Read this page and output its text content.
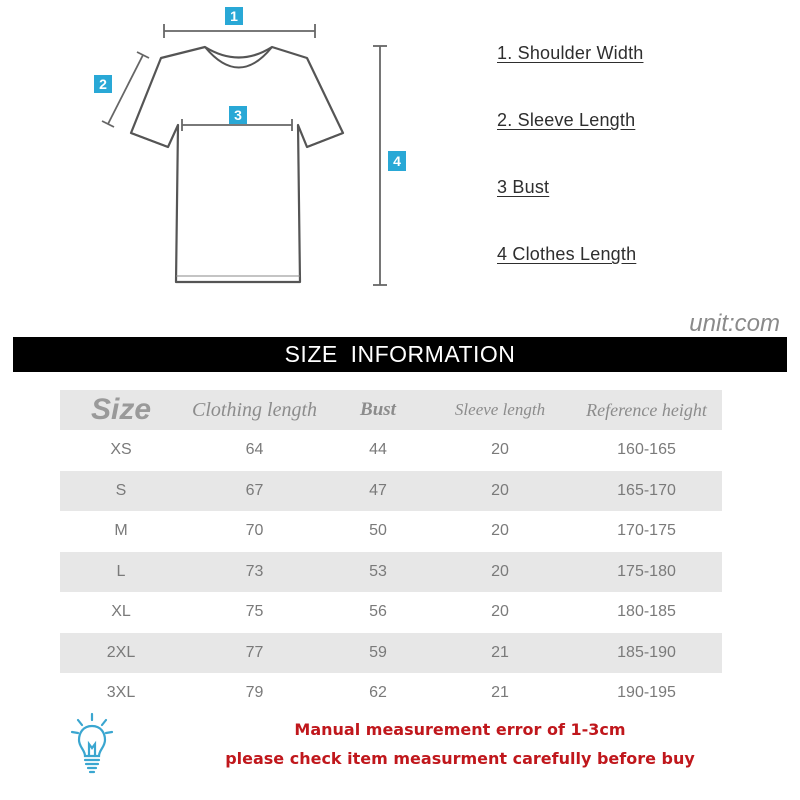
1
2
3
4
1. Shoulder Width
2. Sleeve Length
3 Bust
4 Clothes Length
unit:com
SIZE INFORMATION
Size	Clothing length	Bust	Sleeve length	Reference height
XS	64	44	20	160-165
S	67	47	20	165-170
M	70	50	20	170-175
L	73	53	20	175-180
XL	75	56	20	180-185
2XL	77	59	21	185-190
3XL	79	62	21	190-195
Manual measurement error of 1-3cm
please check item measurment carefully before buy
